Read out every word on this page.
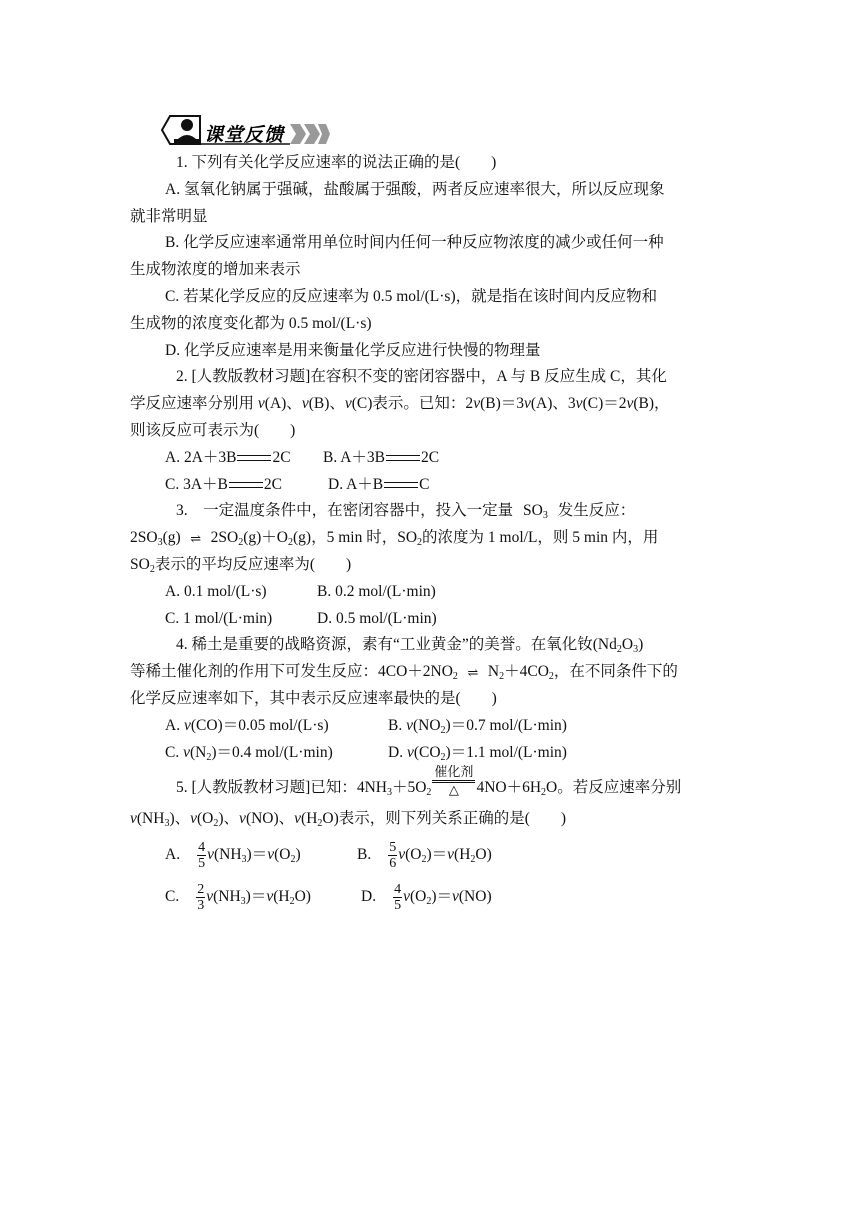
课堂反馈
1. 下列有关化学反应速率的说法正确的是(　　)
A. 氢氧化钠属于强碱，盐酸属于强酸，两者反应速率很大，所以反应现象
就非常明显
B. 化学反应速率通常用单位时间内任何一种反应物浓度的减少或任何一种
生成物浓度的增加来表示
C. 若某化学反应的反应速率为 0.5 mol/(L·s)，就是指在该时间内反应物和
生成物的浓度变化都为 0.5 mol/(L·s)
D. 化学反应速率是用来衡量化学反应进行快慢的物理量
2. [人教版教材习题]在容积不变的密闭容器中，A 与 B 反应生成 C，其化
学反应速率分别用 v(A)、v(B)、v(C)表示。已知：2v(B)＝3v(A)、3v(C)＝2v(B)，
则该反应可表示为(　　)
A. 2A＋3B 2C B. A＋3B 2C
C. 3A＋B 2C	D. A＋B C
3.　一定温度条件中，在密闭容器中，投入一定量 $SO_3$ 发生反应：
$2SO_3(g)$ ⇌ $2SO_2(g)+O_2(g)$，5 min 时，$SO_2$的浓度为 1 mol/L，则 5 min 内，用
$SO_2$表示的平均反应速率为(　　)
A. 0.1 mol/(L·s)	B. 0.2 mol/(L·min)
C. 1 mol/(L·min)	D. 0.5 mol/(L·min)
4. 稀土是重要的战略资源，素有“工业黄金”的美誉。在氧化钕$(Nd_2O_3)$
等稀土催化剂的作用下可发生反应：$4CO+2NO_2$ ⇌ $N_2+4CO_2$，在不同条件下的
化学反应速率如下，其中表示反应速率最快的是(　　)
A. v(CO)＝0.05 mol/(L·s)	B. $v(NO_2)=0.7$ mol/(L·min)
C. $v(N_2)=0.4$ mol/(L·min)	D. $v(CO_2)=1.1$ mol/(L·min)
5. [人教版教材习题]已知：$4NH_3+5O_2$
催化剂
△	$4NO+6H_2O$。若反应速率分别
$v(NH_3)$、$v(O_2)$、v(NO)、$v(H_2O)$表示，则下列关系正确的是(　　)
A. $\frac{4}{5} v(NH_3)=v(O_2)$	B. $\frac{5}{6} v(O_2)=v(H_2O)$
C. $\frac{2}{3} v(NH_3)=v(H_2O)$	D. $\frac{4}{5} v(O_2)=v(NO)$
